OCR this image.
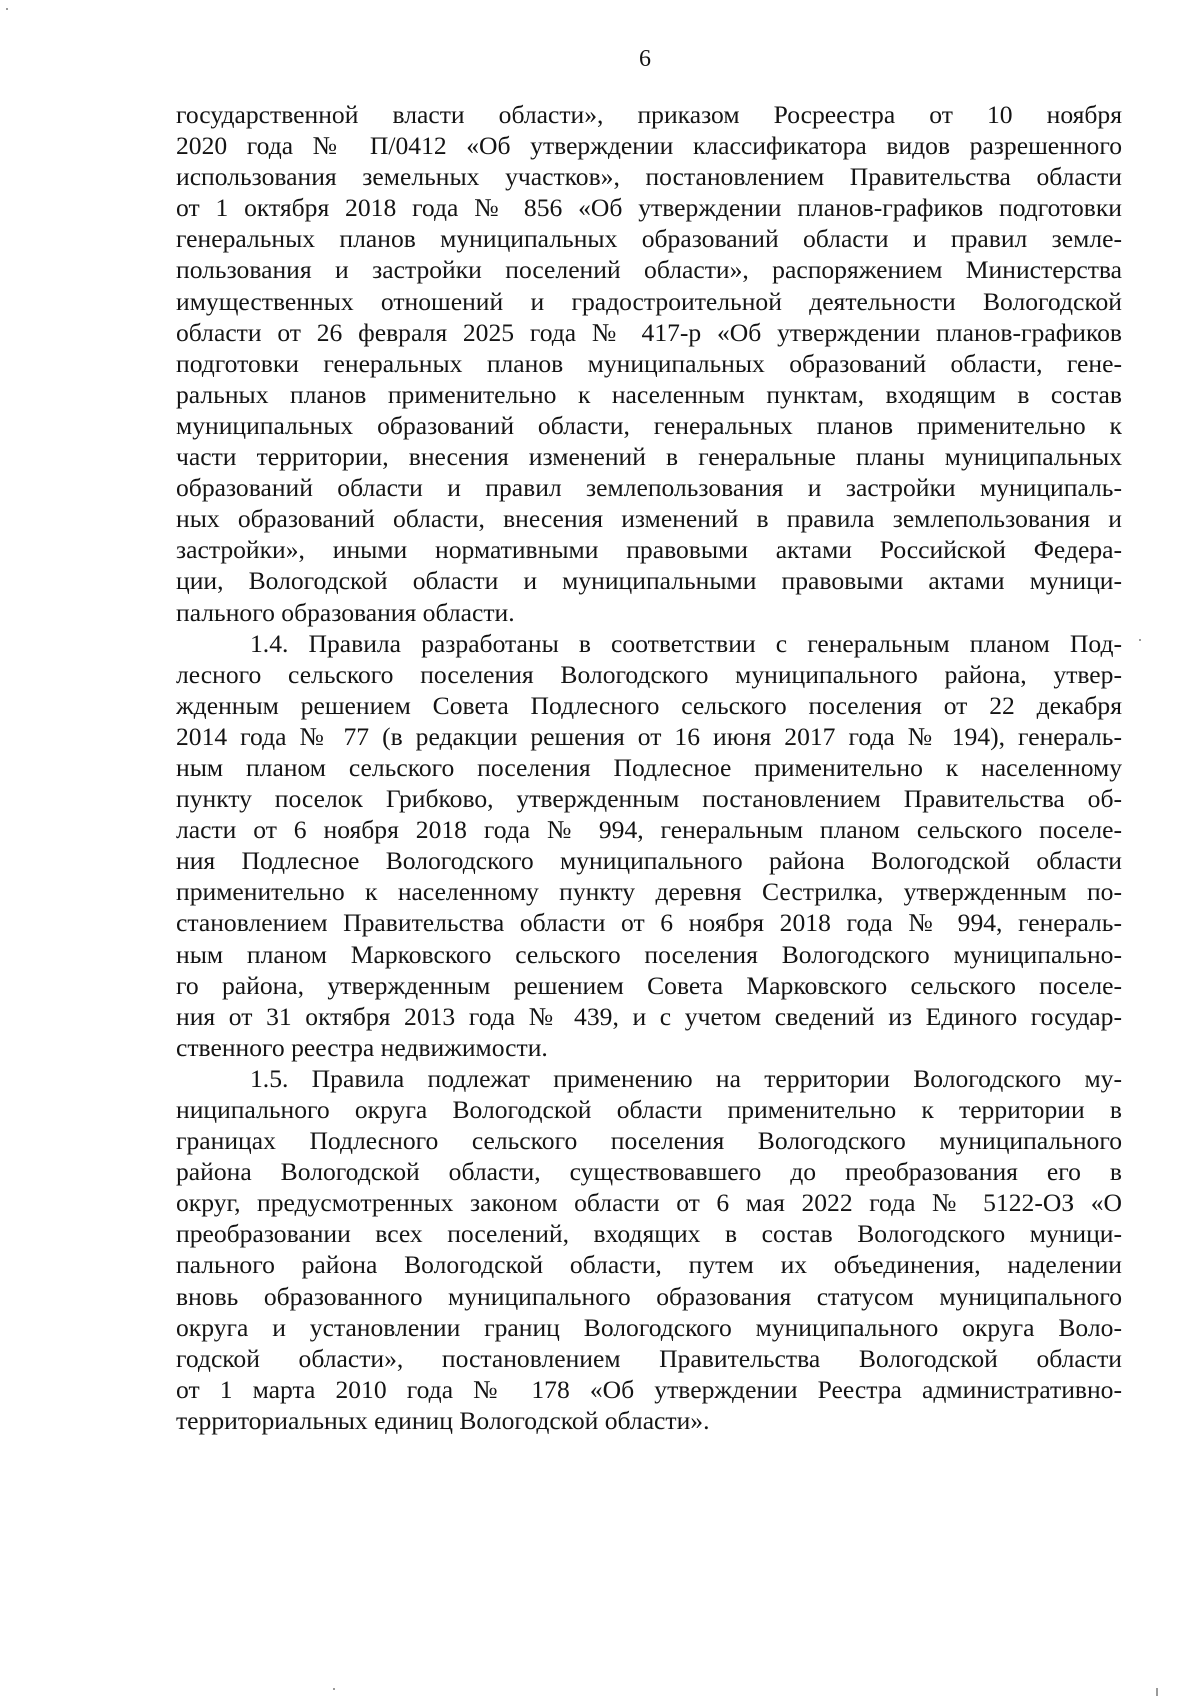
6
государственной власти области», приказом Росреестра от 10 ноября
2020 года № П/0412 «Об утверждении классификатора видов разрешенного
использования земельных участков», постановлением Правительства области
от 1 октября 2018 года № 856 «Об утверждении планов-графиков подготовки
генеральных планов муниципальных образований области и правил земле-
пользования и застройки поселений области», распоряжением Министерства
имущественных отношений и градостроительной деятельности Вологодской
области от 26 февраля 2025 года № 417-р «Об утверждении планов-графиков
подготовки генеральных планов муниципальных образований области, гене-
ральных планов применительно к населенным пунктам, входящим в состав
муниципальных образований области, генеральных планов применительно к
части территории, внесения изменений в генеральные планы муниципальных
образований области и правил землепользования и застройки муниципаль-
ных образований области, внесения изменений в правила землепользования и
застройки», иными нормативными правовыми актами Российской Федера-
ции, Вологодской области и муниципальными правовыми актами муници-
пального образования области.
1.4. Правила разработаны в соответствии с генеральным планом Под-
лесного сельского поселения Вологодского муниципального района, утвер-
жденным решением Совета Подлесного сельского поселения от 22 декабря
2014 года № 77 (в редакции решения от 16 июня 2017 года № 194), генераль-
ным планом сельского поселения Подлесное применительно к населенному
пункту поселок Грибково, утвержденным постановлением Правительства об-
ласти от 6 ноября 2018 года № 994, генеральным планом сельского поселе-
ния Подлесное Вологодского муниципального района Вологодской области
применительно к населенному пункту деревня Сестрилка, утвержденным по-
становлением Правительства области от 6 ноября 2018 года № 994, генераль-
ным планом Марковского сельского поселения Вологодского муниципально-
го района, утвержденным решением Совета Марковского сельского поселе-
ния от 31 октября 2013 года № 439, и с учетом сведений из Единого государ-
ственного реестра недвижимости.
1.5. Правила подлежат применению на территории Вологодского му-
ниципального округа Вологодской области применительно к территории в
границах Подлесного сельского поселения Вологодского муниципального
района Вологодской области, существовавшего до преобразования его в
округ, предусмотренных законом области от 6 мая 2022 года № 5122-ОЗ «О
преобразовании всех поселений, входящих в состав Вологодского муници-
пального района Вологодской области, путем их объединения, наделении
вновь образованного муниципального образования статусом муниципального
округа и установлении границ Вологодского муниципального округа Воло-
годской области», постановлением Правительства Вологодской области
от 1 марта 2010 года № 178 «Об утверждении Реестра административно-
территориальных единиц Вологодской области».
